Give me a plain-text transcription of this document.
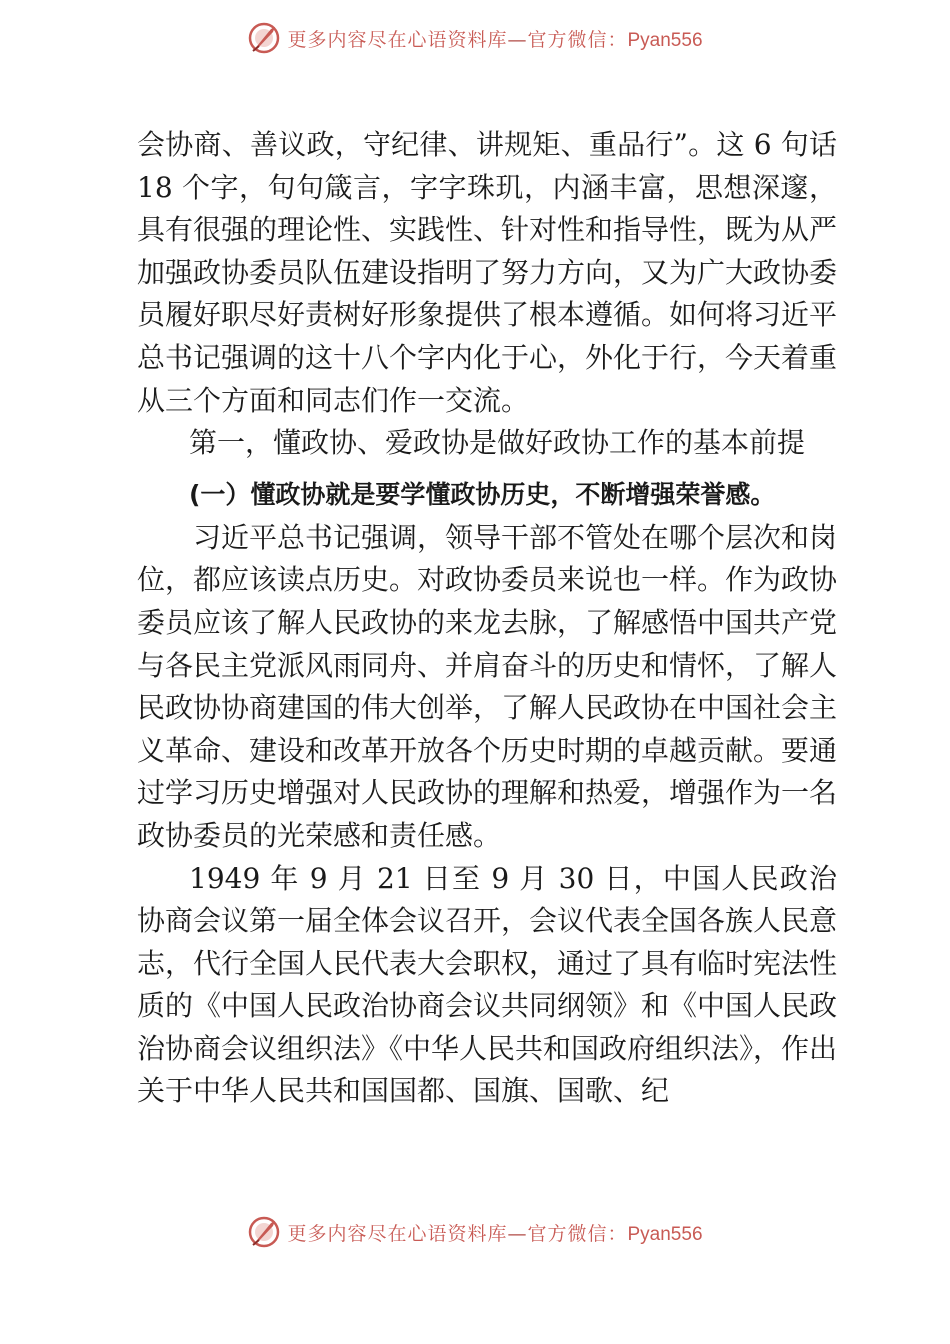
更多内容尽在心语资料库—官方微信：Pyan556

会协商、善议政，守纪律、讲规矩、重品行”。这 6 句话 18 个字，句句箴言，字字珠玑，内涵丰富，思想深邃，具有很强的理论性、实践性、针对性和指导性，既为从严加强政协委员队伍建设指明了努力方向，又为广大政协委员履好职尽好责树好形象提供了根本遵循。如何将习近平总书记强调的这十八个字内化于心，外化于行，今天着重从三个方面和同志们作一交流。

第一，懂政协、爱政协是做好政协工作的基本前提

(一）懂政协就是要学懂政协历史，不断增强荣誉感。

习近平总书记强调，领导干部不管处在哪个层次和岗位，都应该读点历史。对政协委员来说也一样。作为政协委员应该了解人民政协的来龙去脉，了解感悟中国共产党与各民主党派风雨同舟、并肩奋斗的历史和情怀，了解人民政协协商建国的伟大创举，了解人民政协在中国社会主义革命、建设和改革开放各个历史时期的卓越贡献。要通过学习历史增强对人民政协的理解和热爱，增强作为一名政协委员的光荣感和责任感。

1949 年 9 月 21 日至 9 月 30 日，中国人民政治协商会议第一届全体会议召开，会议代表全国各族人民意志，代行全国人民代表大会职权，通过了具有临时宪法性质的《中国人民政治协商会议共同纲领》和《中国人民政治协商会议组织法》《中华人民共和国政府组织法》，作出关于中华人民共和国国都、国旗、国歌、纪

更多内容尽在心语资料库—官方微信：Pyan556
